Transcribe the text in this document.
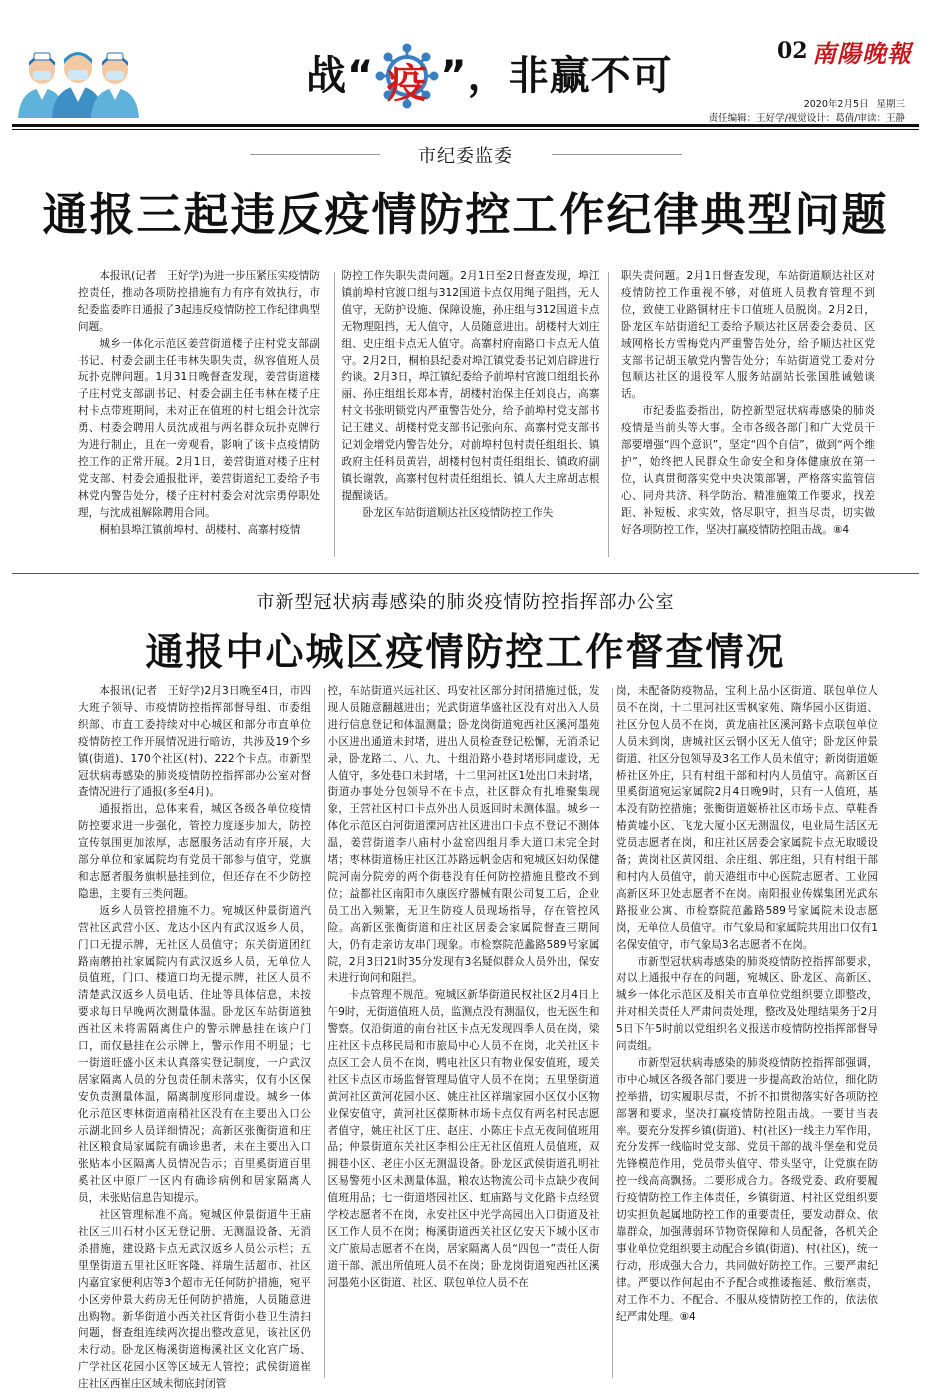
战“ 疫 ”，非赢不可
02 南陽晚報
2020年2月5日 星期三
责任编辑：王好学/视觉设计：葛倩/审读：王静
市纪委监委
通报三起违反疫情防控工作纪律典型问题

本报讯(记者　王好学)为进一步压紧压实疫情防控责任，推动各项防控措施有力有序有效执行，市纪委监委昨日通报了3起违反疫情防控工作纪律典型问题。

城乡一体化示范区姜营街道楼子庄村党支部副书记、村委会副主任韦林失职失责，纵容值班人员玩扑克牌问题。1月31日晚督查发现，姜营街道楼子庄村党支部副书记、村委会副主任韦林在楼子庄村卡点带班期间，未对正在值班的村七组会计沈宗勇、村委会聘用人员沈成祖与两名群众玩扑克牌行为进行制止，且在一旁观看，影响了该卡点疫情防控工作的正常开展。2月1日，姜营街道对楼子庄村党支部、村委会通报批评，姜营街道纪工委给予韦林党内警告处分，楼子庄村村委会对沈宗勇停职处理，与沈成祖解除聘用合同。

桐柏县埠江镇前埠村、胡楼村、高寨村疫情

防控工作失职失责问题。2月1日至2日督查发现，埠江镇前埠村官渡口组与312国道卡点仅用绳子阻挡，无人值守，无防护设施、保障设施，孙庄组与312国道卡点无物理阻挡，无人值守，人员随意进出。胡楼村大刘庄组、史庄组卡点无人值守。高寨村府南路口卡点无人值守。2月2日，桐柏县纪委对埠江镇党委书记刘启辟进行约谈。2月3日，埠江镇纪委给予前埠村官渡口组组长孙丽、孙庄组组长郑本青，胡楼村治保主任刘良占，高寨村文书张明锁党内严重警告处分，给予前埠村党支部书记王建义、胡楼村党支部书记张向东、高寨村党支部书记刘金增党内警告处分，对前埠村包村责任组组长、镇政府主任科员黄岩，胡楼村包村责任组组长、镇政府副镇长谢敦，高寨村包村责任组组长、镇人大主席胡志根提醒谈话。

卧龙区车站街道顺达社区疫情防控工作失

职失责问题。2月1日督查发现，车站街道顺达社区对疫情防控工作重视不够，对值班人员教育管理不到位，致使工业路铜材庄卡口值班人员脱岗。2月2日，卧龙区车站街道纪工委给予顺达社区居委会委员、区域网格长方雪梅党内严重警告处分，给予顺达社区党支部书记胡玉敏党内警告处分；车站街道党工委对分包顺达社区的退役军人服务站副站长张国胜诫勉谈话。

市纪委监委指出，防控新型冠状病毒感染的肺炎疫情是当前头等大事。全市各级各部门和广大党员干部要增强“四个意识”，坚定“四个自信”，做到“两个维护”，始终把人民群众生命安全和身体健康放在第一位，认真贯彻落实党中央决策部署，严格落实监管信心、同舟共济、科学防治、精准施策工作要求，找差距、补短板、求实效，恪尽职守，担当尽责，切实做好各项防控工作，坚决打赢疫情防控阻击战。⑧4

市新型冠状病毒感染的肺炎疫情防控指挥部办公室
通报中心城区疫情防控工作督查情况

本报讯(记者　王好学)2月3日晚至4日，市四大班子领导、市疫情防控指挥部督导组、市委组织部、市直工委持续对中心城区和部分市直单位疫情防控工作开展情况进行暗访，共涉及19个乡镇(街道)、170个社区(村)、222个卡点。市新型冠状病毒感染的肺炎疫情防控指挥部办公室对督查情况进行了通报(多至4月)。

通报指出，总体来看，城区各级各单位疫情防控要求进一步强化，管控力度逐步加大，防控宣传氛围更加浓厚，志愿服务活动有序开展，大部分单位和家属院均有党员干部参与值守，党旗和志愿者服务旗帜悬挂到位，但还存在不少防控隐患，主要有三类问题。

返乡人员管控措施不力。宛城区仲景街道汽营社区武营小区、龙达小区内有武汉返乡人员，门口无提示牌，无社区人员值守；东关街道团红路南蘑拍社家属院内有武汉返乡人员，无单位人员值班，门口、楼道口均无提示牌，社区人员不清楚武汉返乡人员电话、住址等具体信息，未按要求每日早晚两次测量体温。卧龙区车站街道独西社区未将需隔离住户的警示牌悬挂在该户门口，而仅悬挂在公示牌上，警示作用不明显；七一街道旺盛小区未认真落实登记制度，一户武汉居家隔离人员的分包责任制未落实，仅有小区保安负责测量体温，隔离制度形同虚设。城乡一体化示范区枣林街道南稍社区没有在主要出入口公示湖北回乡人员详细情况；高新区张衡街道和庄社区粮食局家属院有确诊患者，未在主要出入口张贴本小区隔离人员情况告示；百里奚街道百里奚社区中原厂一区内有确诊病例和居家隔离人员，未张贴信息告知提示。

社区管理标准不高。宛城区仲景街道牛王庙社区三川石材小区无登记册、无测温设备、无消杀措施，建设路卡点无武汉返乡人员公示栏；五里堡街道五里社区旺客隆、祥瑞生活超市、社区内嘉宜家便利店等3个超市无任何防护措施，宛平小区旁仲景大药房无任何防护措施，人员随意进出购物。新华街道小西关社区背街小巷卫生清扫问题，督查组连续两次提出整改意见，该社区仍未行动。卧龙区梅溪街道梅溪社区文化宫广场、广学社区花园小区等区域无人管控；武侯街道崔庄社区西崔庄区域未彻底封闭管

控，车站街道兴远社区、玛安社区部分封闭措施过低，发现人员随意翻越进出；光武街道华盛社区没有对出入人员进行信息登记和体温测量；卧龙岗街道宛西社区溪河墨苑小区进出通道未封堵，进出人员检查登记松懈，无消杀记录，卧龙路二、八、九、十组沿路小巷封堵形同虚设，无人值守，多处巷口未封堵，十二里河社区1处出口未封堵，街道办事处分包领导不在卡点，社区群众有扎堆聚集现象，王营社区村口卡点外出人员返回时未测体温。城乡一体化示范区白河街道溧河店社区进出口卡点不登记不测体温，姜营街道李八庙村小盆窑四组月季大道口未完全封堵；枣林街道杨庄社区江苏路远帆金店和宛城区妇幼保健院河南分院旁的两个街巷没有任何防控措施且整改不到位；益都社区南阳市久康医疗器械有限公司复工后，企业员工出入频繁，无卫生防疫人员现场指导，存在管控风险。高新区张衡街道和庄社区居委会家属院督查三期间大，仍有走亲访友串门现象。市检察院范蠡路589号家属院，2月3日21时35分发现有3名疑似群众人员外出，保安未进行询问和阻拦。

卡点管理不规范。宛城区新华街道民权社区2月4日上午9时，无街道值班人员，监测点没有测温仪，也无医生和警察。仅沿街道的南台社区卡点无发现四季人员在岗，梁庄社区卡点移民局和市旅局中心人员不在岗，北关社区卡点区工会人员不在岗，鸭电社区只有物业保安值班，瑷关社区卡点区市场监督管理局值守人员不在岗；五里堡街道黄河社区黄河花园小区、姚庄社区祥瑞家园小区仅小区物业保安值守，黄河社区葆斯林市场卡点仅有两名村民志愿者值守，姚庄社区丁庄、赵庄、小陈庄卡点无夜间值班用品；仲景街道东关社区李相公庄无社区值班人员值班，双拥巷小区、老庄小区无测温设备。卧龙区武侯街道孔明社区易警苑小区未测量体温，粮农达物流公司卡点缺少夜间值班用品；七一街道塔园社区、虹庙路与文化路卡点经贸学校志愿者不在岗，永安社区中光学高园出入口街道及社区工作人员不在岗；梅溪街道西关社区亿安天下城小区市文广旅局志愿者不在岗，居家隔离人员“四包一”责任人街道干部、派出所值班人员不在岗；卧龙岗街道宛西社区溪河墨苑小区街道、社区、联包单位人员不在

岗，未配备防疫物品，宝利上品小区街道、联包单位人员不在岗，十二里河社区雪枫家苑、隋华园小区街道、社区分包人员不在岗，黄龙庙社区溪河路卡点联包单位人员未到岗，唐城社区云钢小区无人值守；卧龙区仲景街道、社区分包领导及3名工作人员未值守；新岗街道姬桥社区外庄，只有村组干部和村内人员值守。高新区百里奚街道宛运家属院2月4日晚9时，只有一人值班，基本没有防控措施；张衡街道姬桥社区市场卡点、草鞋香椿黄墟小区、飞龙大厦小区无测温仪，电业局生活区无党员志愿者在岗，和庄社区居委会家属院卡点无取暖设备；黄岗社区黄冈组、余庄组、郭庄组，只有村组干部和村内人员值守，前天港组市中心医院志愿者、工业园高新区环卫处志愿者不在岗。南阳报业传媒集团光武东路报业公寓、市检察院范蠡路589号家属院未设志愿岗，无单位人员值守。市气象局和家属院共用出口仅有1名保安值守，市气象局3名志愿者不在岗。

市新型冠状病毒感染的肺炎疫情防控指挥部要求，对以上通报中存在的问题，宛城区、卧龙区、高新区、城乡一体化示范区及相关市直单位党组织要立即整改，并对相关责任人严肃问责处理，整改及处理结果务于2月5日下午5时前以党组织名义报送市疫情防控指挥部督导问责组。

市新型冠状病毒感染的肺炎疫情防控指挥部强调，市中心城区各级各部门要进一步提高政治站位，细化防控举措，切实履职尽责，不折不扣贯彻落实好各项防控部署和要求，坚决打赢疫情防控阻击战。一要甘当表率。要充分发挥乡镇(街道)、村(社区)一线主力军作用，充分发挥一线临时党支部、党员干部的战斗堡垒和党员先锋模范作用，党员带头值守、带头坚守，让党旗在防控一线高高飘扬。二要形成合力。各级党委、政府要履行疫情防控工作主体责任，乡镇街道、村社区党组织要切实担负起属地防控工作的重要责任，要发动群众、依靠群众，加强薄弱环节物资保障和人员配备，各机关企事业单位党组织要主动配合乡镇(街道)、村(社区)，统一行动，形成强大合力，共同做好防控工作。三要严肃纪律。严要以作何起由不予配合或推诿拖延、敷衍塞责，对工作不力、不配合、不服从疫情防控工作的，依法依纪严肃处理。⑧4
